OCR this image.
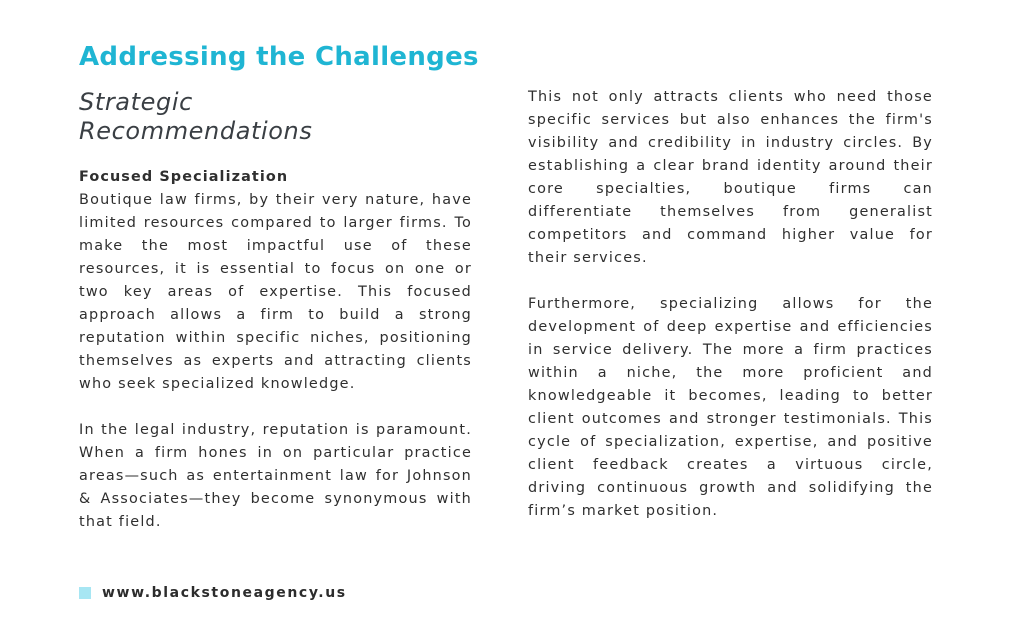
Addressing the Challenges
Strategic Recommendations
Focused Specialization

Boutique law firms, by their very nature, have limited resources compared to larger firms. To make the most impactful use of these resources, it is essential to focus on one or two key areas of expertise. This focused approach allows a firm to build a strong reputation within specific niches, positioning themselves as experts and attracting clients who seek specialized knowledge.

In the legal industry, reputation is paramount. When a firm hones in on particular practice areas—such as entertainment law for Johnson & Associates—they become synonymous with that field.

This not only attracts clients who need those specific services but also enhances the firm's visibility and credibility in industry circles. By establishing a clear brand identity around their core specialties, boutique firms can differentiate themselves from generalist competitors and command higher value for their services.

Furthermore, specializing allows for the development of deep expertise and efficiencies in service delivery. The more a firm practices within a niche, the more proficient and knowledgeable it becomes, leading to better client outcomes and stronger testimonials. This cycle of specialization, expertise, and positive client feedback creates a virtuous circle, driving continuous growth and solidifying the firm’s market position.

www.blackstoneagency.us
